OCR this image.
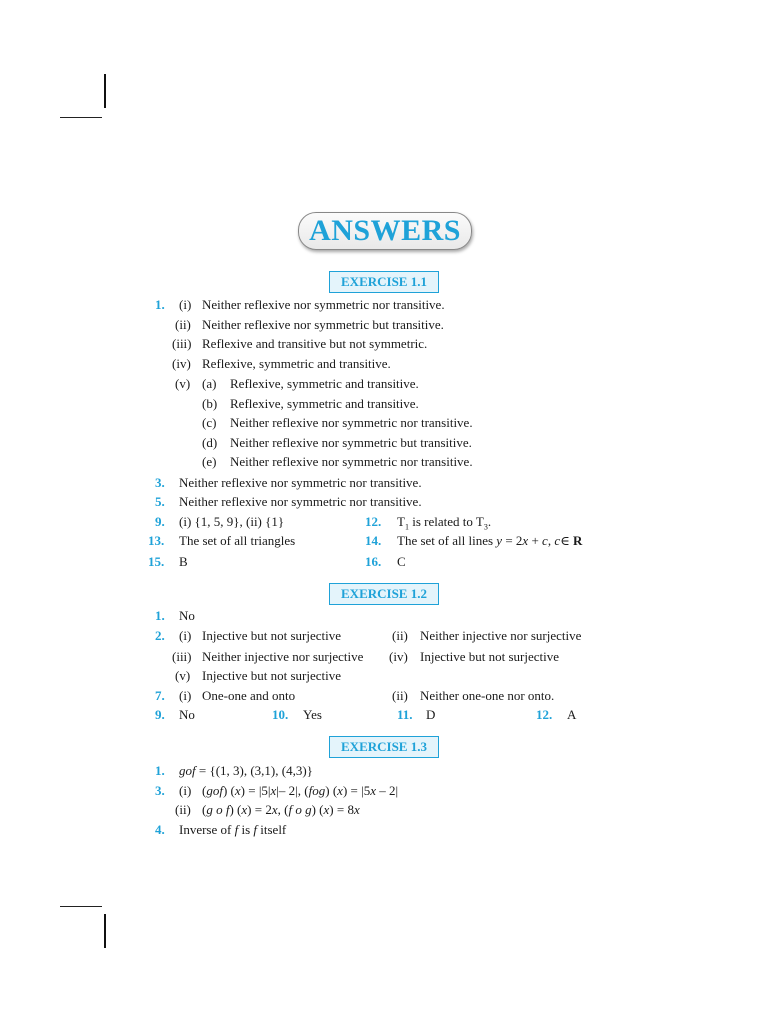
ANSWERS
EXERCISE 1.1
1. (i) Neither reflexive nor symmetric nor transitive.
(ii) Neither reflexive nor symmetric but transitive.
(iii) Reflexive and transitive but not symmetric.
(iv) Reflexive, symmetric and transitive.
(v) (a) Reflexive, symmetric and transitive.
(b) Reflexive, symmetric and transitive.
(c) Neither reflexive nor symmetric nor transitive.
(d) Neither reflexive nor symmetric but transitive.
(e) Neither reflexive nor symmetric nor transitive.
3. Neither reflexive nor symmetric nor transitive.
5. Neither reflexive nor symmetric nor transitive.
9. (i) {1, 5, 9}, (ii) {1}	12. $T_1$ is related to $T_3$.
13. The set of all triangles	14. The set of all lines y = 2x + c, c∈ R
15. B	16. C
EXERCISE 1.2
1. No
2. (i) Injective but not surjective	(ii) Neither injective nor surjective
(iii) Neither injective nor surjective (iv) Injective but not surjective
(v) Injective but not surjective
7. (i) One-one and onto	(ii) Neither one-one nor onto.
9. No	10. Yes	11. D	12. A
EXERCISE 1.3
1. gof = {(1, 3), (3,1), (4,3)}
3. (i) (gof) (x) = |5|x|– 2|, (fog) (x) = |5x – 2|
(ii) (g o f) (x) = 2x, (f o g) (x) = 8x
4. Inverse of f is f itself
